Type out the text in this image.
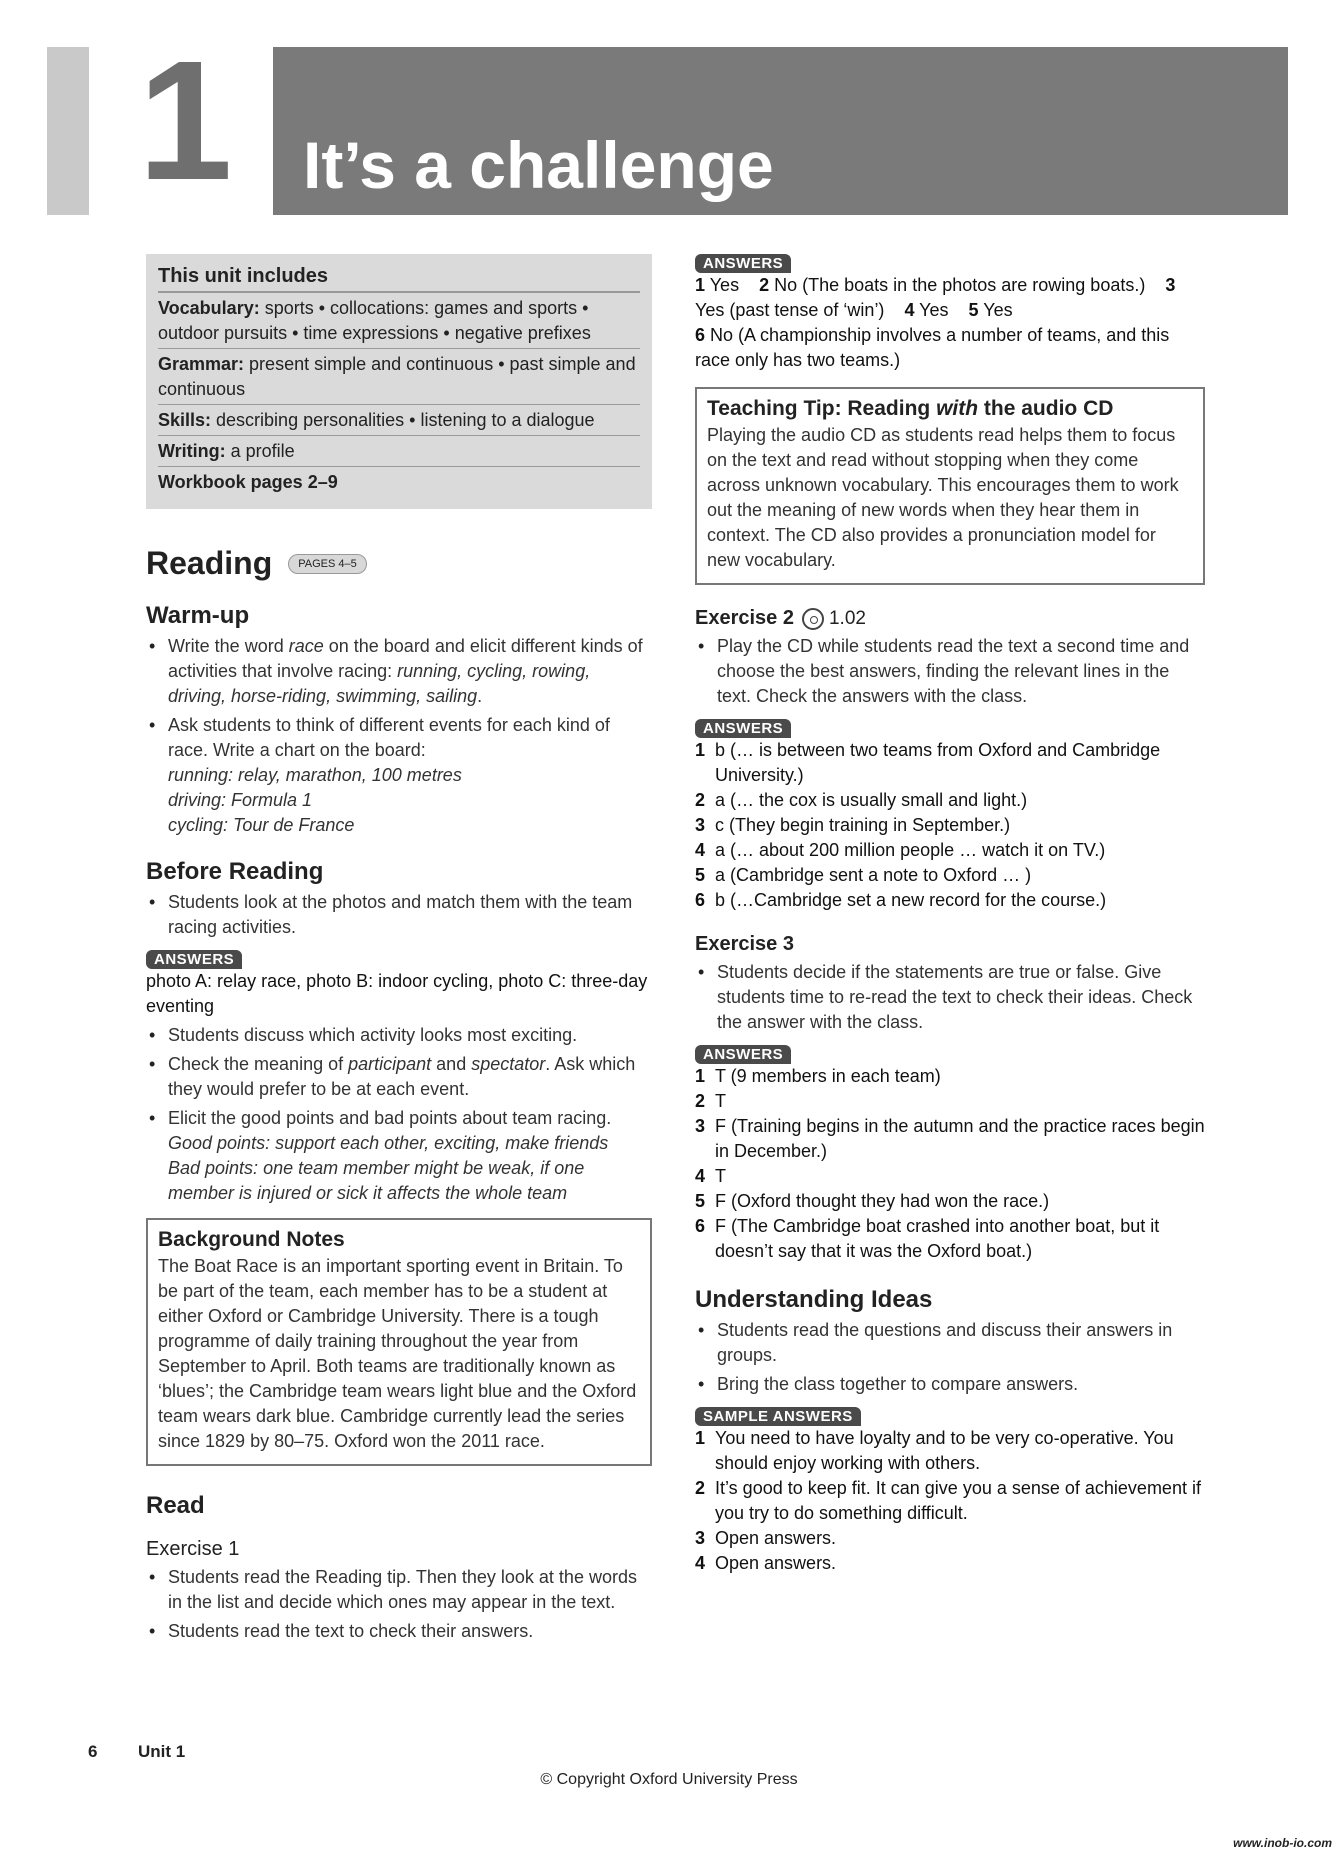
1 It’s a challenge
This unit includes
Vocabulary: sports • collocations: games and sports • outdoor pursuits • time expressions • negative prefixes
Grammar: present simple and continuous • past simple and continuous
Skills: describing personalities • listening to a dialogue
Writing: a profile
Workbook pages 2–9
Reading	PAGES 4–5
Warm-up
• Write the word race on the board and elicit different kinds of activities that involve racing: running, cycling, rowing, driving, horse-riding, swimming, sailing.
• Ask students to think of different events for each kind of race. Write a chart on the board:
running: relay, marathon, 100 metres
driving: Formula 1
cycling: Tour de France
Before Reading
• Students look at the photos and match them with the team racing activities.
ANSWERS
photo A: relay race, photo B: indoor cycling, photo C: three-day eventing
• Students discuss which activity looks most exciting.
• Check the meaning of participant and spectator. Ask which they would prefer to be at each event.
• Elicit the good points and bad points about team racing.
Good points: support each other, exciting, make friends
Bad points: one team member might be weak, if one member is injured or sick it affects the whole team
Background Notes
The Boat Race is an important sporting event in Britain. To be part of the team, each member has to be a student at either Oxford or Cambridge University. There is a tough programme of daily training throughout the year from September to April. Both teams are traditionally known as ‘blues’; the Cambridge team wears light blue and the Oxford team wears dark blue. Cambridge currently lead the series since 1829 by 80–75. Oxford won the 2011 race.
Read
Exercise 1
• Students read the Reading tip. Then they look at the words in the list and decide which ones may appear in the text.
• Students read the text to check their answers.
ANSWERS
1 Yes 2 No (The boats in the photos are rowing boats.) 3 Yes (past tense of ‘win’) 4 Yes 5 Yes
6 No (A championship involves a number of teams, and this race only has two teams.)
Teaching Tip: Reading with the audio CD
Playing the audio CD as students read helps them to focus on the text and read without stopping when they come across unknown vocabulary. This encourages them to work out the meaning of new words when they hear them in context. The CD also provides a pronunciation model for new vocabulary.
Exercise 2 1.02
• Play the CD while students read the text a second time and choose the best answers, finding the relevant lines in the text. Check the answers with the class.
ANSWERS
1 b (… is between two teams from Oxford and Cambridge University.)
2 a (… the cox is usually small and light.)
3 c (They begin training in September.)
4 a (… about 200 million people … watch it on TV.)
5 a (Cambridge sent a note to Oxford … )
6 b (…Cambridge set a new record for the course.)
Exercise 3
• Students decide if the statements are true or false. Give students time to re-read the text to check their ideas. Check the answer with the class.
ANSWERS
1 T (9 members in each team)
2 T
3 F (Training begins in the autumn and the practice races begin in December.)
4 T
5 F (Oxford thought they had won the race.)
6 F (The Cambridge boat crashed into another boat, but it doesn’t say that it was the Oxford boat.)
Understanding Ideas
• Students read the questions and discuss their answers in groups.
• Bring the class together to compare answers.
SAMPLE ANSWERS
1 You need to have loyalty and to be very co-operative. You should enjoy working with others.
2 It’s good to keep fit. It can give you a sense of achievement if you try to do something difficult.
3 Open answers.
4 Open answers.
6 Unit 1
© Copyright Oxford University Press
www.inob-io.com
